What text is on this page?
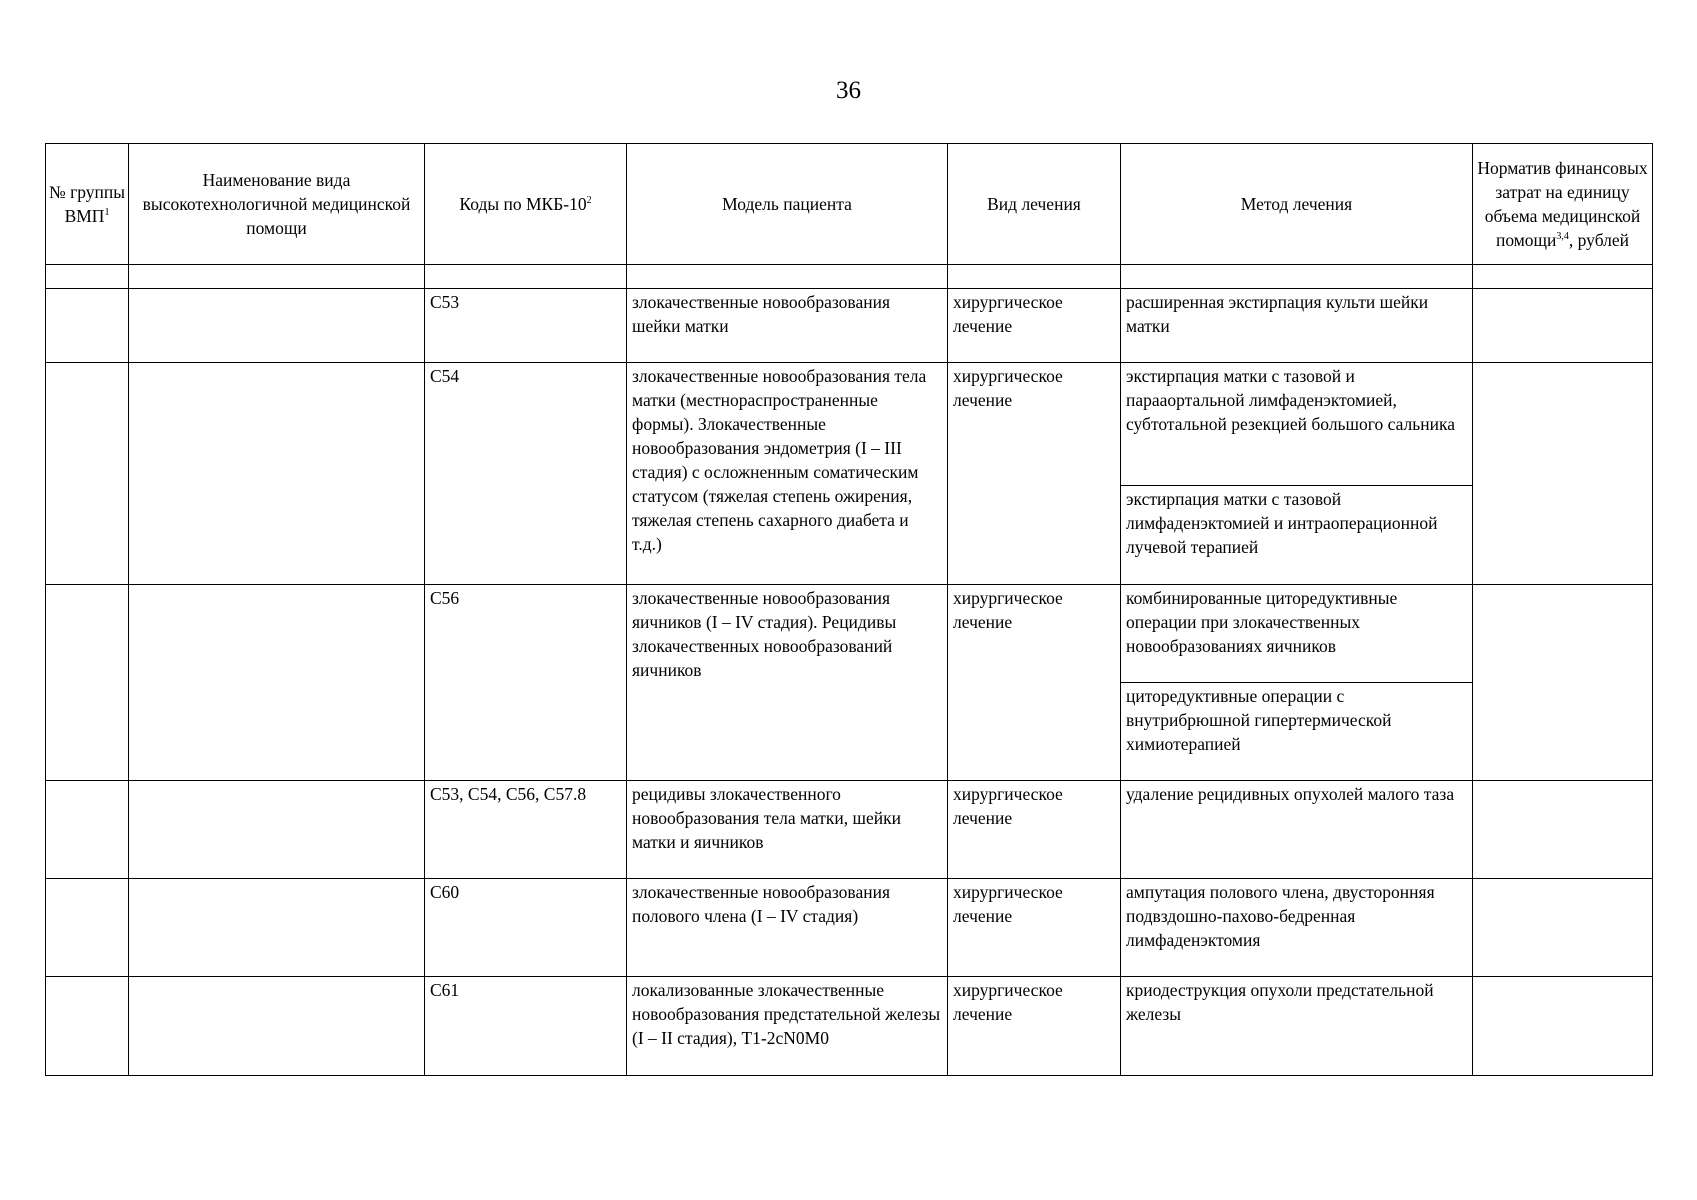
36
№ группы ВМП$^1$	Наименование вида высокотехнологичной медицинской помощи	Коды по МКБ-$10^2$	Модель пациента	Вид лечения	Метод лечения	Норматив финансовых затрат на единицу объема медицинской помощи$^{3,4}$, рублей

		C53	злокачественные новообразования шейки матки	хирургическое лечение	расширенная экстирпация культи шейки матки	
		C54	злокачественные новообразования тела матки (местнораспространенные формы). Злокачественные новообразования эндометрия (I – III стадия) с осложненным соматическим статусом (тяжелая степень ожирения, тяжелая степень сахарного диабета и т.д.)	хирургическое лечение	экстирпация матки с тазовой и парааортальной лимфаденэктомией, субтотальной резекцией большого сальника	
					экстирпация матки с тазовой лимфаденэктомией и интраоперационной лучевой терапией	
		C56	злокачественные новообразования яичников (I – IV стадия). Рецидивы злокачественных новообразований яичников	хирургическое лечение	комбинированные циторедуктивные операции при злокачественных новообразованиях яичников	
					циторедуктивные операции с внутрибрюшной гипертермической химиотерапией	
		C53, C54, C56, C57.8	рецидивы злокачественного новообразования тела матки, шейки матки и яичников	хирургическое лечение	удаление рецидивных опухолей малого таза	
		C60	злокачественные новообразования полового члена (I – IV стадия)	хирургическое лечение	ампутация полового члена, двусторонняя подвздошно-пахово-бедренная лимфаденэктомия	
		C61	локализованные злокачественные новообразования предстательной железы (I – II стадия), T1-2cN0M0	хирургическое лечение	криодеструкция опухоли предстательной железы	
